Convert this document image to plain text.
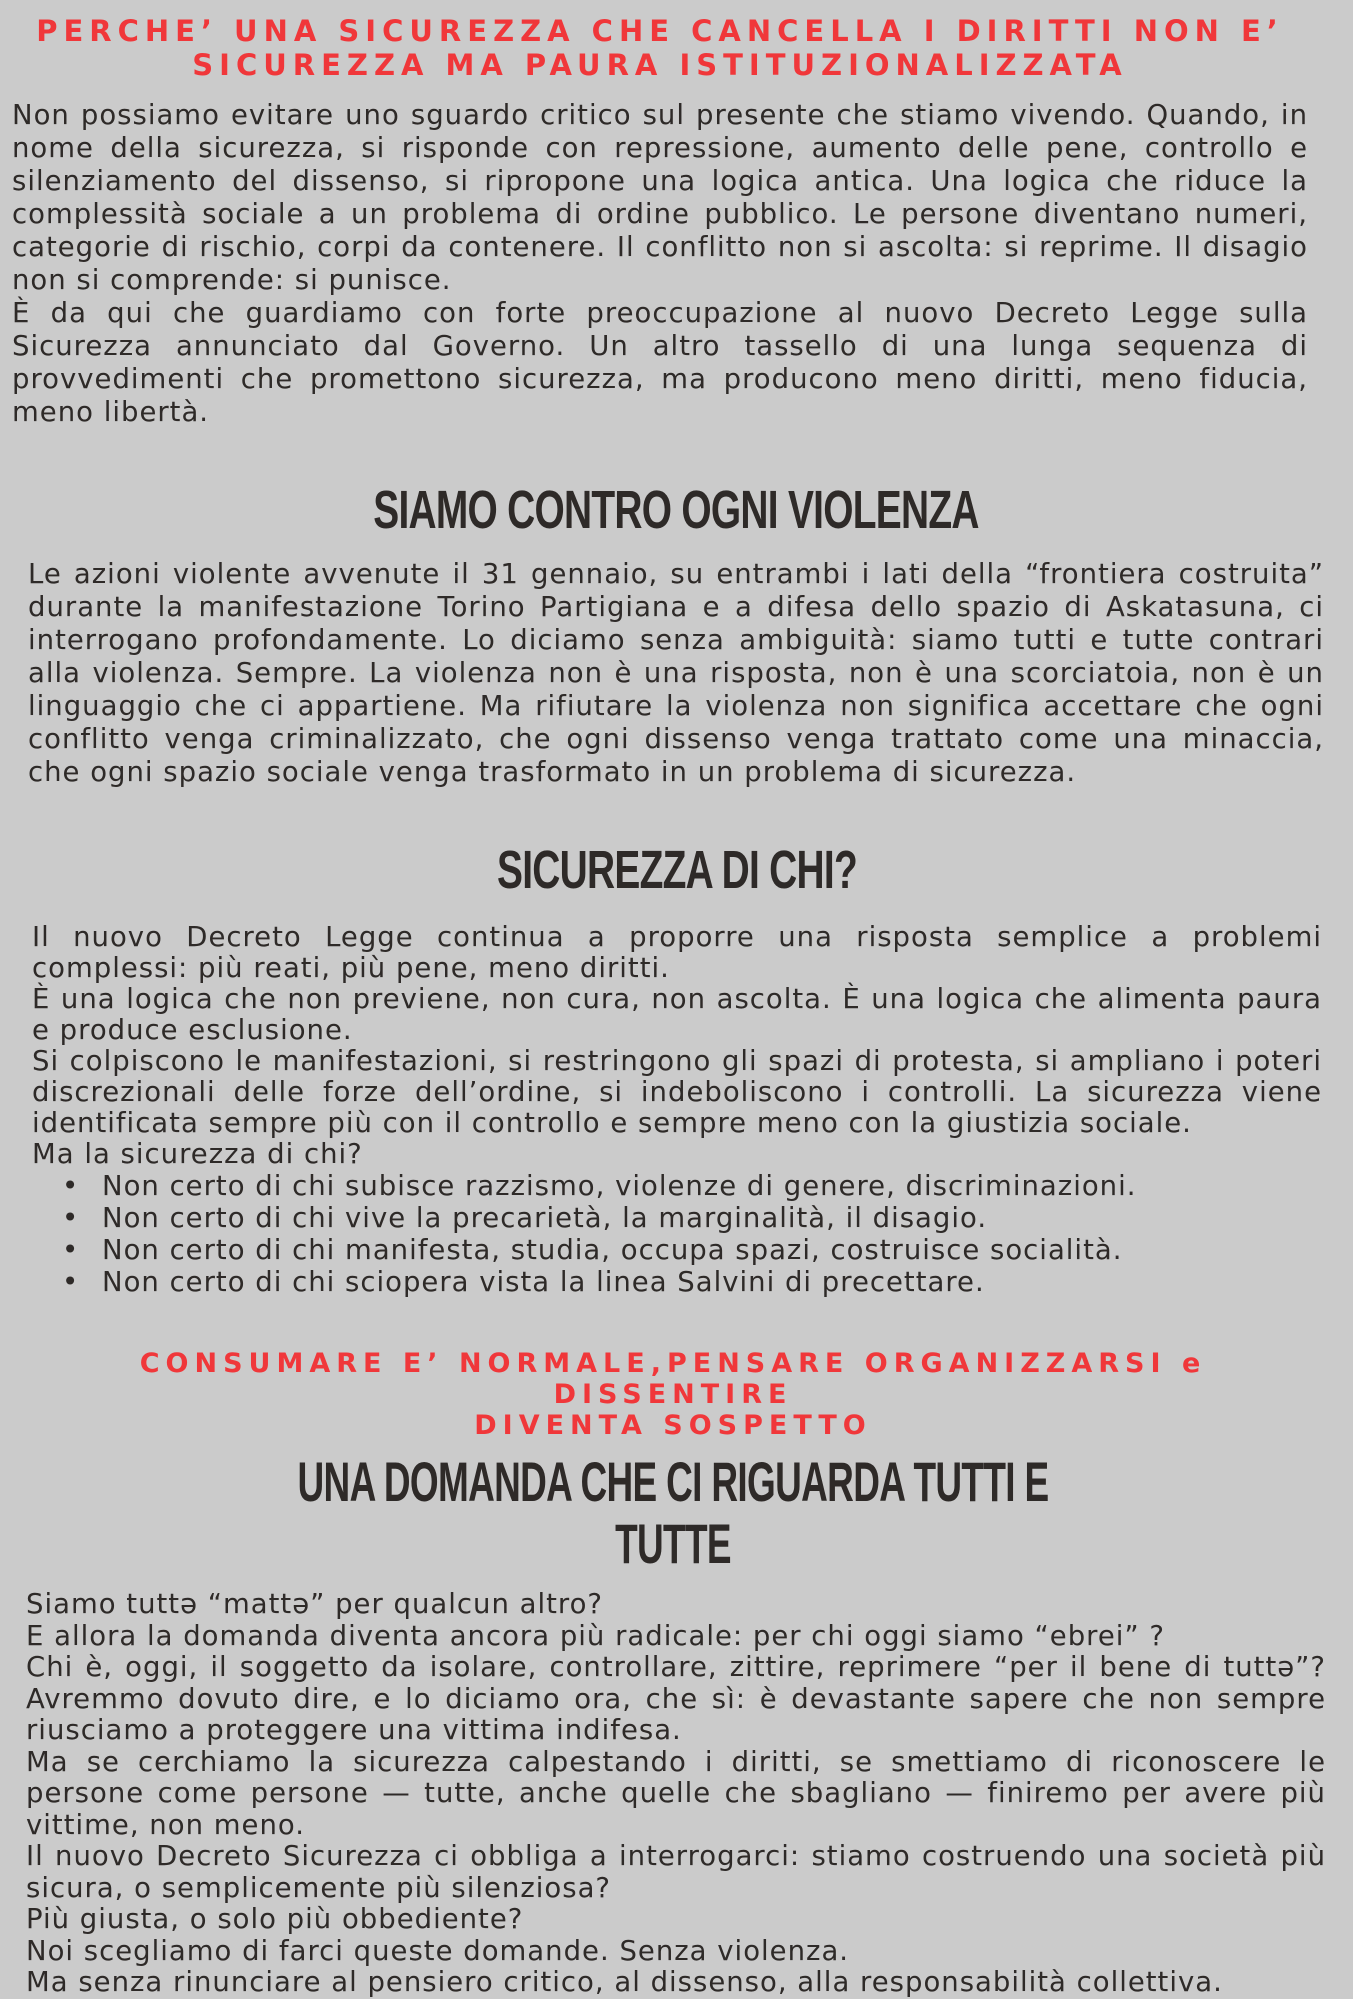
PERCHE’ UNA SICUREZZA CHE CANCELLA I DIRITTI NON E’
SICUREZZA MA PAURA ISTITUZIONALIZZATA

Non possiamo evitare uno sguardo critico sul presente che stiamo vivendo. Quando, in nome della sicurezza, si risponde con repressione, aumento delle pene, controllo e silenziamento del dissenso, si ripropone una logica antica. Una logica che riduce la complessità sociale a un problema di ordine pubblico. Le persone diventano numeri, categorie di rischio, corpi da contenere. Il conflitto non si ascolta: si reprime. Il disagio non si comprende: si punisce.

È da qui che guardiamo con forte preoccupazione al nuovo Decreto Legge sulla Sicurezza annunciato dal Governo. Un altro tassello di una lunga sequenza di provvedimenti che promettono sicurezza, ma producono meno diritti, meno fiducia, meno libertà.

SIAMO CONTRO OGNI VIOLENZA

Le azioni violente avvenute il 31 gennaio, su entrambi i lati della “frontiera costruita” durante la manifestazione Torino Partigiana e a difesa dello spazio di Askatasuna, ci interrogano profondamente. Lo diciamo senza ambiguità: siamo tutti e tutte contrari alla violenza. Sempre. La violenza non è una risposta, non è una scorciatoia, non è un linguaggio che ci appartiene. Ma rifiutare la violenza non significa accettare che ogni conflitto venga criminalizzato, che ogni dissenso venga trattato come una minaccia, che ogni spazio sociale venga trasformato in un problema di sicurezza.

SICUREZZA DI CHI?

Il nuovo Decreto Legge continua a proporre una risposta semplice a problemi complessi: più reati, più pene, meno diritti.

È una logica che non previene, non cura, non ascolta. È una logica che alimenta paura e produce esclusione.

Si colpiscono le manifestazioni, si restringono gli spazi di protesta, si ampliano i poteri discrezionali delle forze dell’ordine, si indeboliscono i controlli. La sicurezza viene identificata sempre più con il controllo e sempre meno con la giustizia sociale.

Ma la sicurezza di chi?

• Non certo di chi subisce razzismo, violenze di genere, discriminazioni.
• Non certo di chi vive la precarietà, la marginalità, il disagio.
• Non certo di chi manifesta, studia, occupa spazi, costruisce socialità.
• Non certo di chi sciopera vista la linea Salvini di precettare.
CONSUMARE E’ NORMALE,PENSARE ORGANIZZARSI e DISSENTIRE
DIVENTA SOSPETTO
UNA DOMANDA CHE CI RIGUARDA TUTTI E TUTTE

Siamo tuttə “mattə” per qualcun altro?

E allora la domanda diventa ancora più radicale: per chi oggi siamo “ebrei” ?

Chi è, oggi, il soggetto da isolare, controllare, zittire, reprimere “per il bene di tuttə”? Avremmo dovuto dire, e lo diciamo ora, che sì: è devastante sapere che non sempre riusciamo a proteggere una vittima indifesa.

Ma se cerchiamo la sicurezza calpestando i diritti, se smettiamo di riconoscere le persone come persone — tutte, anche quelle che sbagliano — finiremo per avere più vittime, non meno.

Il nuovo Decreto Sicurezza ci obbliga a interrogarci: stiamo costruendo una società più sicura, o semplicemente più silenziosa?

Più giusta, o solo più obbediente?

Noi scegliamo di farci queste domande. Senza violenza.

Ma senza rinunciare al pensiero critico, al dissenso, alla responsabilità collettiva.
